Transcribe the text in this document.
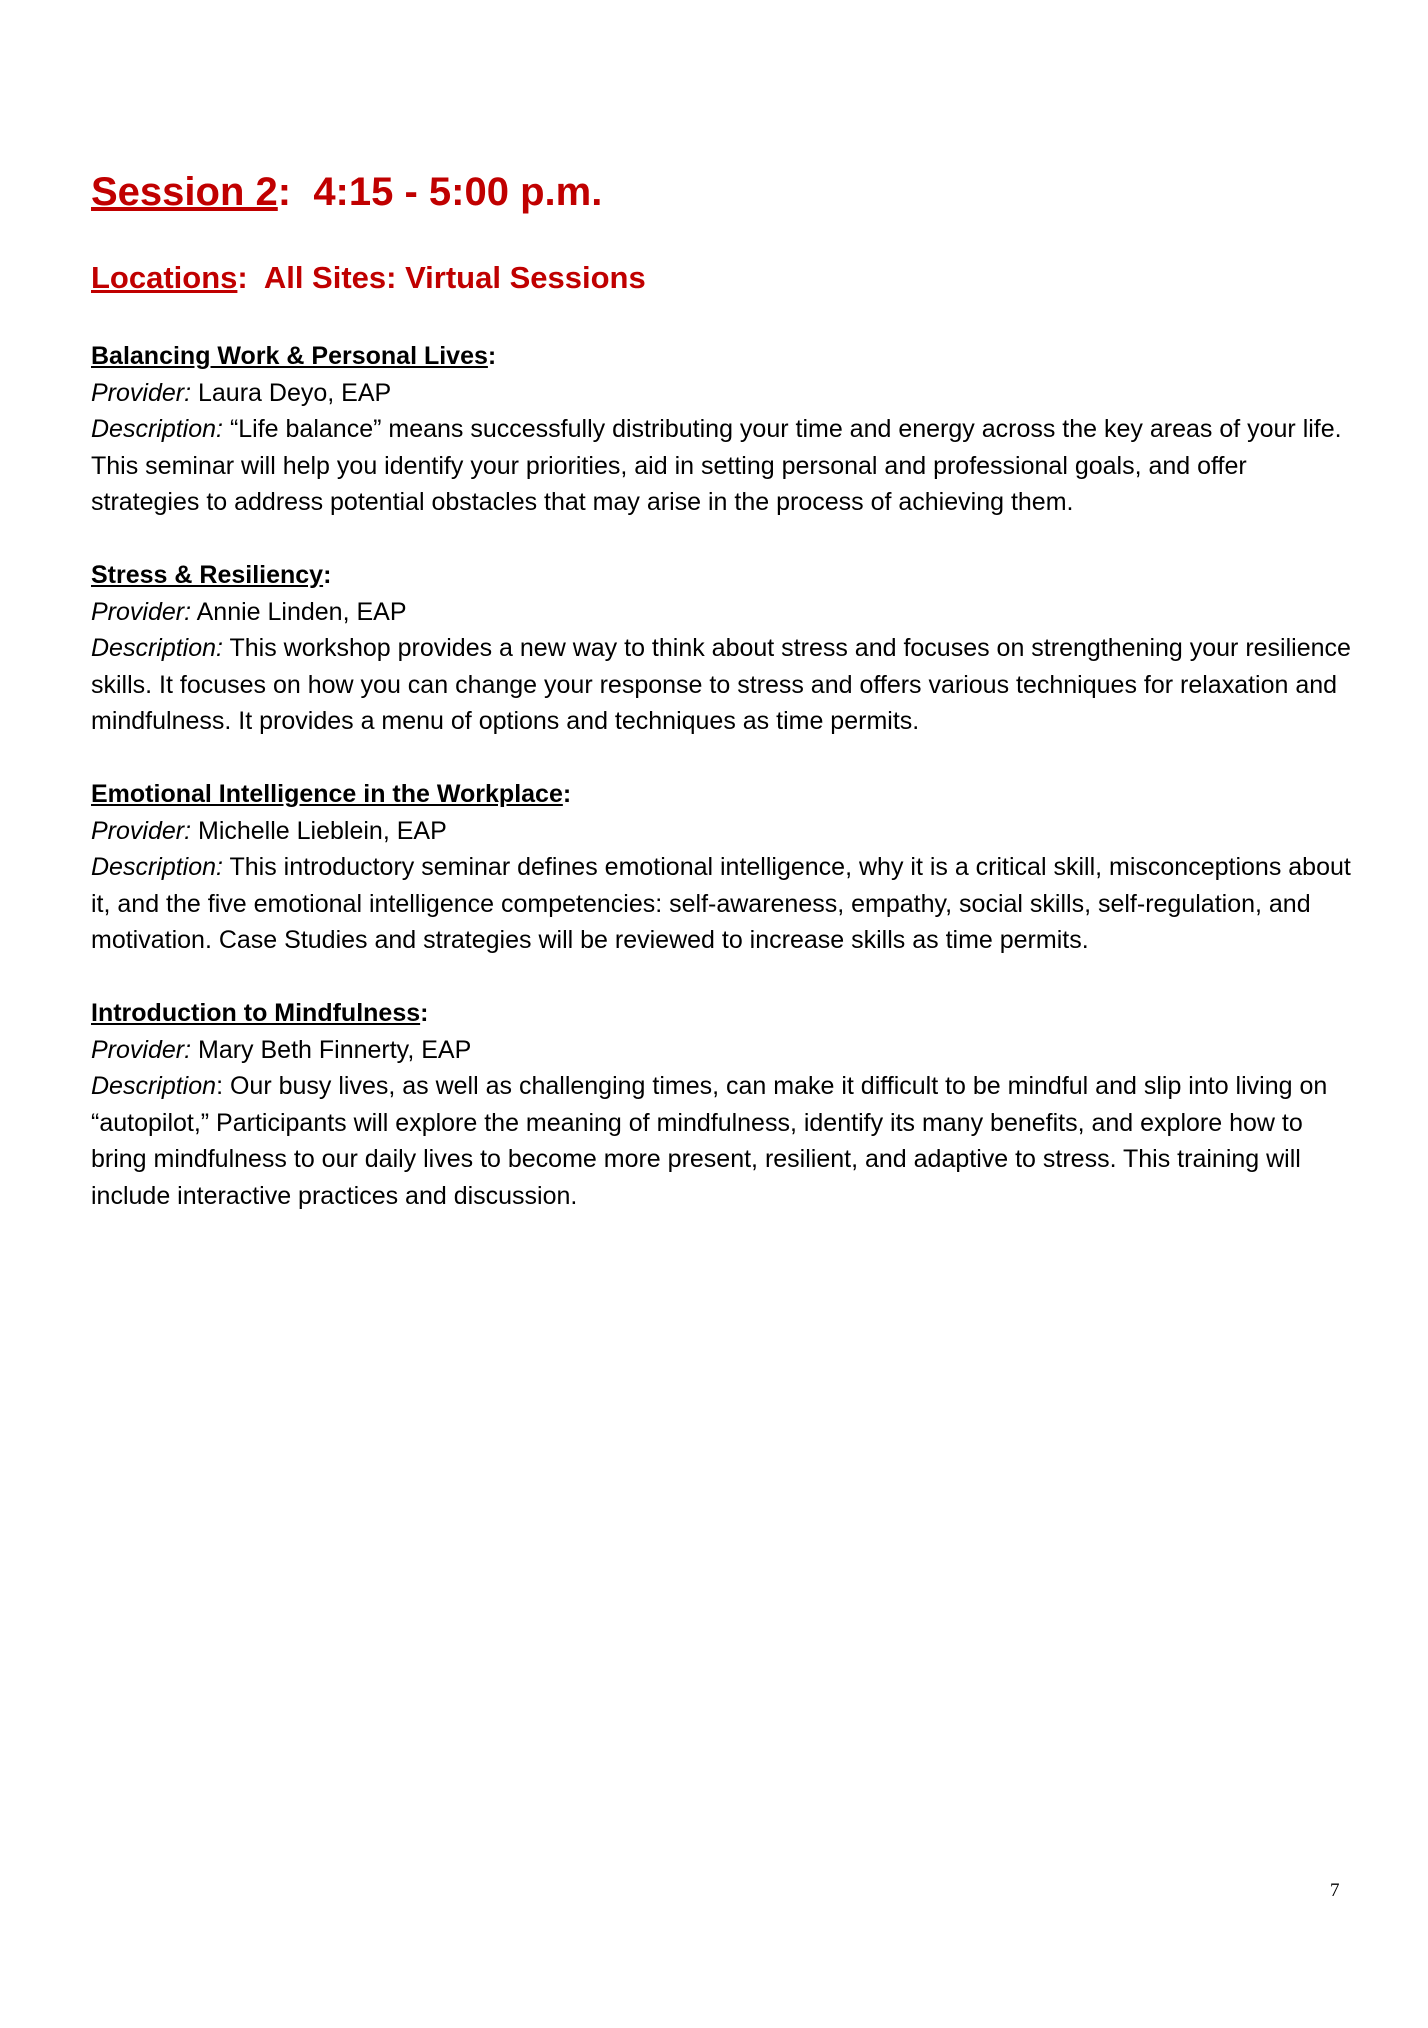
Session 2:  4:15 - 5:00 p.m.
Locations:  All Sites: Virtual Sessions
Balancing Work & Personal Lives:
Provider: Laura Deyo, EAP
Description: “Life balance” means successfully distributing your time and energy across the key areas of your life. This seminar will help you identify your priorities, aid in setting personal and professional goals, and offer strategies to address potential obstacles that may arise in the process of achieving them.
Stress & Resiliency:
Provider: Annie Linden, EAP
Description: This workshop provides a new way to think about stress and focuses on strengthening your resilience skills. It focuses on how you can change your response to stress and offers various techniques for relaxation and mindfulness. It provides a menu of options and techniques as time permits.
Emotional Intelligence in the Workplace:
Provider: Michelle Lieblein, EAP
Description: This introductory seminar defines emotional intelligence, why it is a critical skill, misconceptions about it, and the five emotional intelligence competencies: self-awareness, empathy, social skills, self-regulation, and motivation. Case Studies and strategies will be reviewed to increase skills as time permits.
Introduction to Mindfulness:
Provider: Mary Beth Finnerty, EAP
Description: Our busy lives, as well as challenging times, can make it difficult to be mindful and slip into living on “autopilot,” Participants will explore the meaning of mindfulness, identify its many benefits, and explore how to bring mindfulness to our daily lives to become more present, resilient, and adaptive to stress. This training will include interactive practices and discussion.
7
